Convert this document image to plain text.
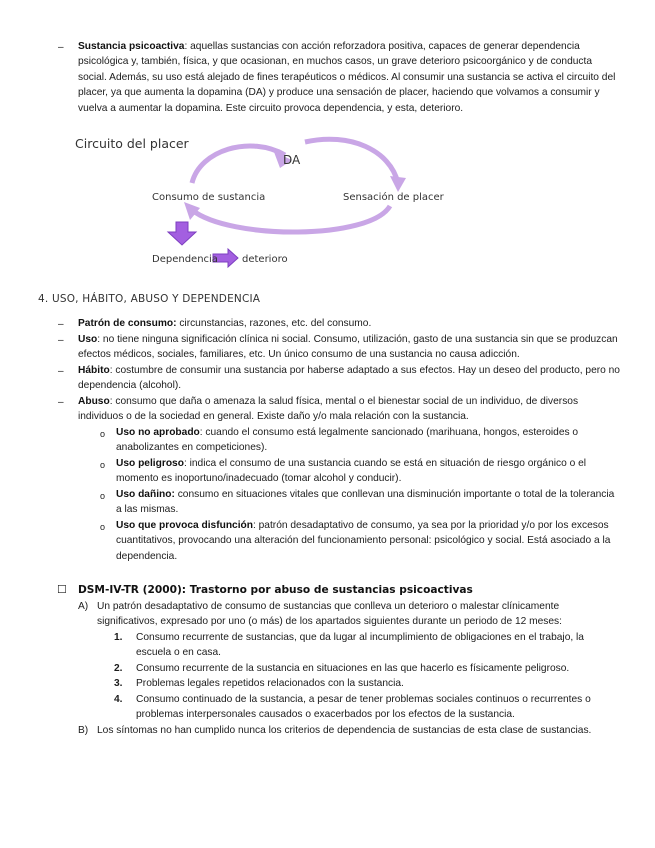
– Sustancia psicoactiva: aquellas sustancias con acción reforzadora positiva, capaces de generar dependencia psicológica y, también, física, y que ocasionan, en muchos casos, un grave deterioro psicoorgánico y de conducta social. Además, su uso está alejado de fines terapéuticos o médicos. Al consumir una sustancia se activa el circuito del placer, ya que aumenta la dopamina (DA) y produce una sensación de placer, haciendo que volvamos a consumir y vuelva a aumentar la dopamina. Este circuito provoca dependencia, y esta, deterioro.

Circuito del placer
DA
Consumo de sustancia	Sensación de placer
Dependencia deterioro
4. USO, HÁBITO, ABUSO Y DEPENDENCIA
– Patrón de consumo: circunstancias, razones, etc. del consumo.

– Uso: no tiene ninguna significación clínica ni social. Consumo, utilización, gasto de una sustancia sin que se produzcan efectos médicos, sociales, familiares, etc. Un único consumo de una sustancia no causa adicción.

– Hábito: costumbre de consumir una sustancia por haberse adaptado a sus efectos. Hay un deseo del producto, pero no dependencia (alcohol).

– Abuso: consumo que daña o amenaza la salud física, mental o el bienestar social de un individuo, de diversos individuos o de la sociedad en general. Existe daño y/o mala relación con la sustancia.

o Uso no aprobado: cuando el consumo está legalmente sancionado (marihuana, hongos, esteroides o anabolizantes en competiciones).

o Uso peligroso: indica el consumo de una sustancia cuando se está en situación de riesgo orgánico o el momento es inoportuno/inadecuado (tomar alcohol y conducir).

o Uso dañino: consumo en situaciones vitales que conllevan una disminución importante o total de la tolerancia a las mismas.

o Uso que provoca disfunción: patrón desadaptativo de consumo, ya sea por la prioridad y/o por los excesos cuantitativos, provocando una alteración del funcionamiento personal: psicológico y social. Está asociado a la dependencia.

☐ DSM-IV-TR (2000): Trastorno por abuso de sustancias psicoactivas
A) Un patrón desadaptativo de consumo de sustancias que conlleva un deterioro o malestar clínicamente significativos, expresado por uno (o más) de los apartados siguientes durante un periodo de 12 meses:

1. Consumo recurrente de sustancias, que da lugar al incumplimiento de obligaciones en el trabajo, la escuela o en casa.

2. Consumo recurrente de la sustancia en situaciones en las que hacerlo es físicamente peligroso.

3. Problemas legales repetidos relacionados con la sustancia.

4. Consumo continuado de la sustancia, a pesar de tener problemas sociales continuos o recurrentes o problemas interpersonales causados o exacerbados por los efectos de la sustancia.

B) Los síntomas no han cumplido nunca los criterios de dependencia de sustancias de esta clase de sustancias.
